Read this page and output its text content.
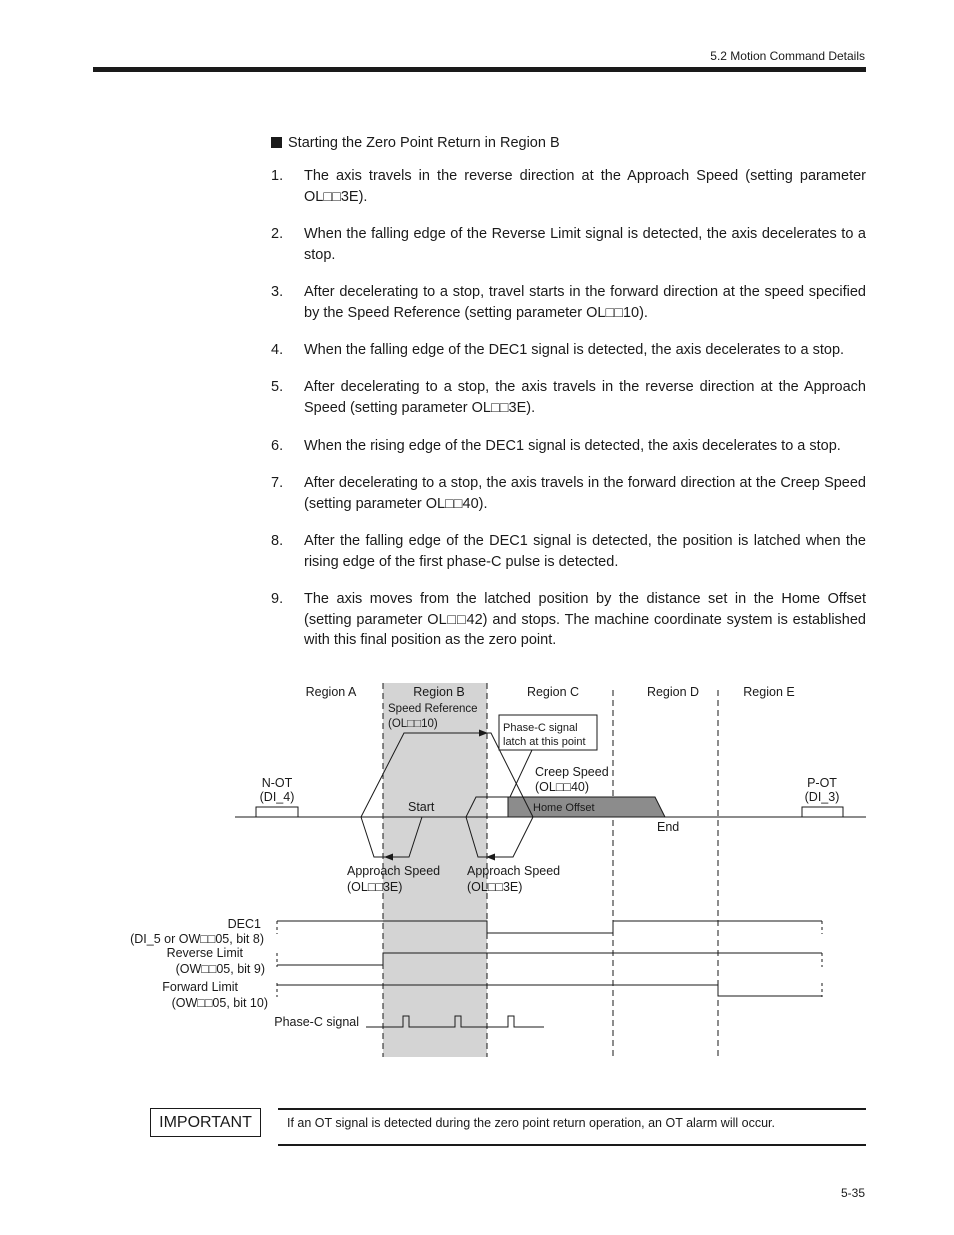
5.2 Motion Command Details
Starting the Zero Point Return in Region B
1.	The axis travels in the reverse direction at the Approach Speed (setting parameter OL□□3E).
2.	When the falling edge of the Reverse Limit signal is detected, the axis decelerates to a stop.
3.	After decelerating to a stop, travel starts in the forward direction at the speed specified by the Speed Reference (setting parameter OL□□10).
4.	When the falling edge of the DEC1 signal is detected, the axis decelerates to a stop.
5.	After decelerating to a stop, the axis travels in the reverse direction at the Approach Speed (setting parameter OL□□3E).
6.	When the rising edge of the DEC1 signal is detected, the axis decelerates to a stop.
7.	After decelerating to a stop, the axis travels in the forward direction at the Creep Speed (setting parameter OL□□40).
8.	After the falling edge of the DEC1 signal is detected, the position is latched when the rising edge of the first phase-C pulse is detected.
9.	The axis moves from the latched position by the distance set in the Home Offset (setting parameter OL□□42) and stops. The machine coordinate system is established with this final position as the zero point.
Region A	Region B	Region C	Region D	Region E
Speed Reference
(OL□□10)	Phase-C signal
latch at this point
Creep Speed
(OL□□40)
Home Offset
N-OT
(DI_4)
P-OT
(DI_3)
Start
End
Approach Speed
(OL□□3E)
Approach Speed
(OL□□3E)
DEC1
(DI_5 or OW□□05, bit 8)
Reverse Limit
(OW□□05, bit 9)
Forward Limit
(OW□□05, bit 10)
Phase-C signal
IMPORTANT	If an OT signal is detected during the zero point return operation, an OT alarm will occur.
5-35
